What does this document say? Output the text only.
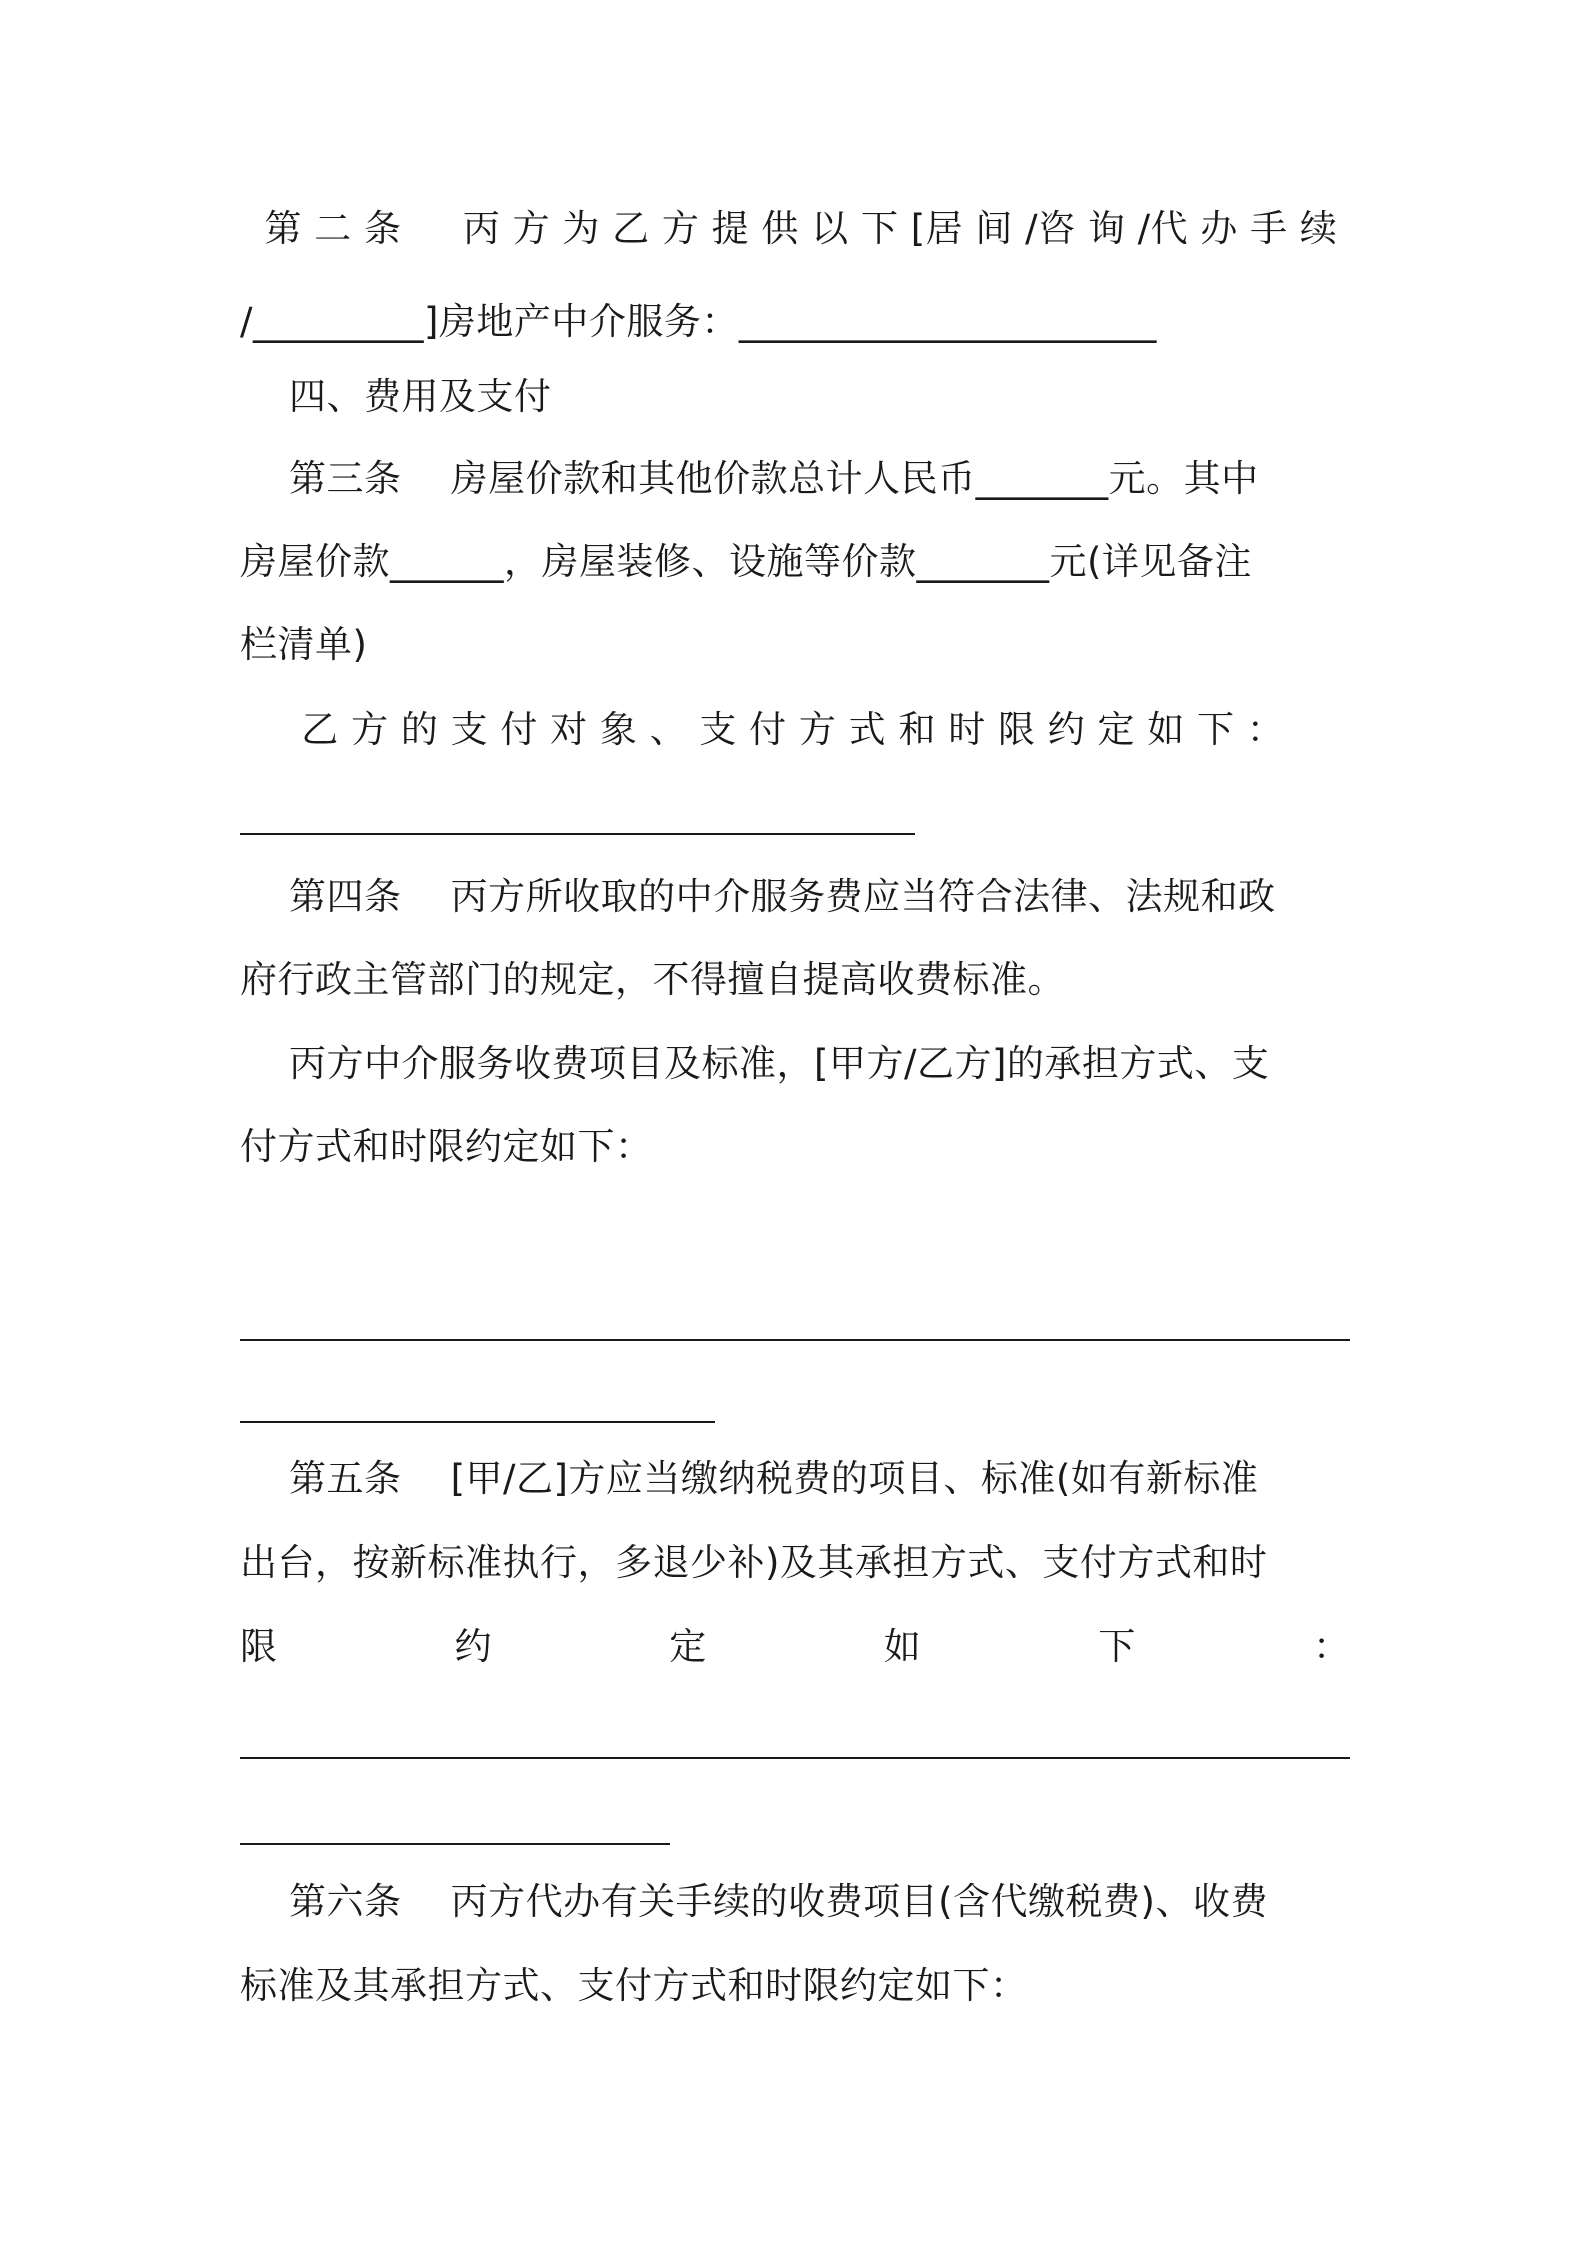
第 二 条     丙 方 为 乙 方 提 供 以 下 [居 间 /咨 询 /代 办 手 续
/_________]房地产中介服务：______________________
四、费用及支付
第三条    房屋价款和其他价款总计人民币_______元。其中
房屋价款______，房屋装修、设施等价款_______元(详见备注
栏清单)
乙 方 的 支 付 对 象 、 支 付 方 式 和 时 限 约 定 如 下 ：
第四条    丙方所收取的中介服务费应当符合法律、法规和政
府行政主管部门的规定，不得擅自提高收费标准。
丙方中介服务收费项目及标准，[甲方/乙方]的承担方式、支
付方式和时限约定如下：
第五条    [甲/乙]方应当缴纳税费的项目、标准(如有新标准
出台，按新标准执行，多退少补)及其承担方式、支付方式和时
限	约	定	如	下	：
第六条    丙方代办有关手续的收费项目(含代缴税费)、收费
标准及其承担方式、支付方式和时限约定如下：
